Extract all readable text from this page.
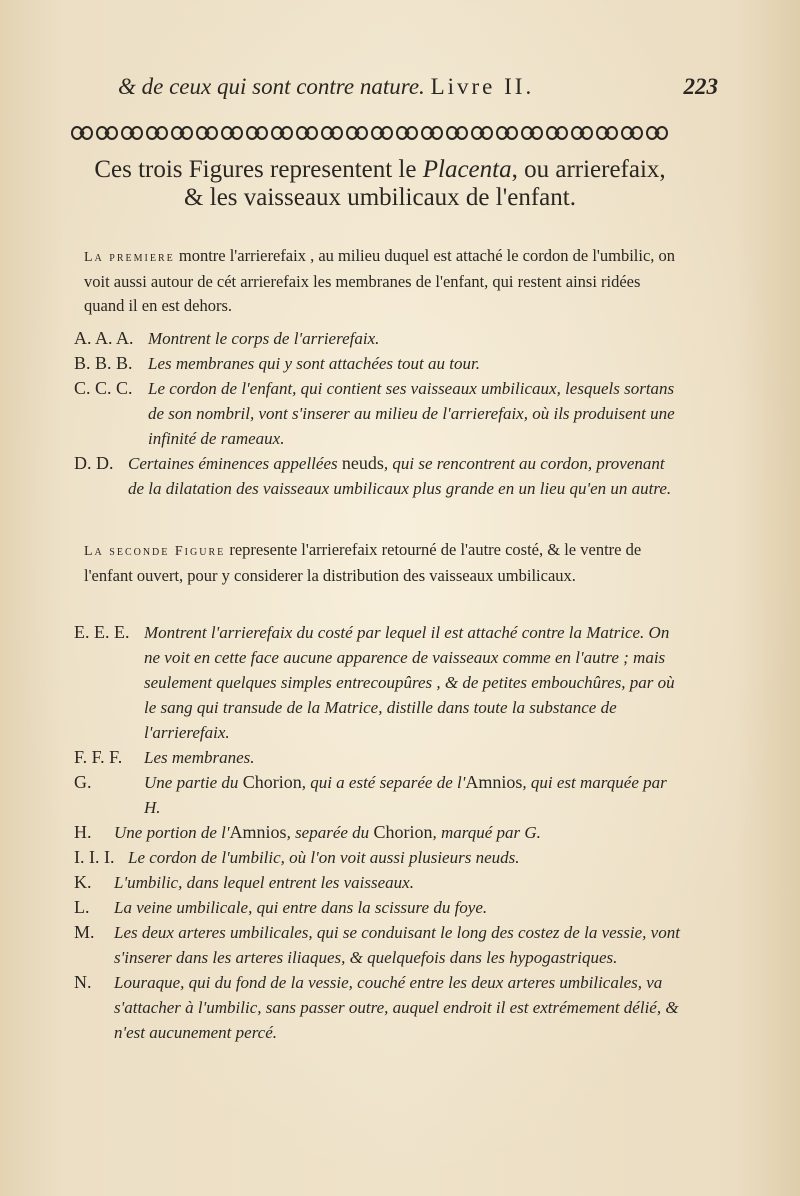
& de ceux qui sont contre nature. Livre II.	223
Ces trois Figures representent le Placenta, ou arrierefaix,
& les vaisseaux umbilicaux de l'enfant.
La premiere montre l'arrierefaix , au milieu duquel est attaché le cordon de l'umbilic, on voit aussi autour de cét arrierefaix les membranes de l'enfant, qui restent ainsi ridées quand il en est dehors.
A. A. A. Montrent le corps de l'arrierefaix.
B. B. B. Les membranes qui y sont attachées tout au tour.
C. C. C. Le cordon de l'enfant, qui contient ses vaisseaux umbilicaux, lesquels sortans de son nombril, vont s'inserer au milieu de l'arrierefaix, où ils produisent une infinité de rameaux.
D. D. Certaines éminences appellées neuds, qui se rencontrent au cordon, provenant de la dilatation des vaisseaux umbilicaux plus grande en un lieu qu'en un autre.
La seconde Figure represente l'arrierefaix retourné de l'autre costé, & le ventre de l'enfant ouvert, pour y considerer la distribution des vaisseaux umbilicaux.
E. E. E. Montrent l'arrierefaix du costé par lequel il est attaché contre la Matrice. On ne voit en cette face aucune apparence de vaisseaux comme en l'autre ; mais seulement quelques simples entrecoupûres , & de petites embouchûres, par où le sang qui transude de la Matrice, distille dans toute la substance de l'arrierefaix.
F. F. F.	Les membranes.
G.	Une partie du Chorion, qui a esté separée de l'Amnios, qui est marquée par H.
H.	Une portion de l'Amnios, separée du Chorion, marqué par G.
I. I. I. Le cordon de l'umbilic, où l'on voit aussi plusieurs neuds.
K.	L'umbilic, dans lequel entrent les vaisseaux.
L.	La veine umbilicale, qui entre dans la scissure du foye.
M.	Les deux arteres umbilicales, qui se conduisant le long des costez de la vessie, vont s'inserer dans les arteres iliaques, & quelquefois dans les hypogastriques.
N.	Louraque, qui du fond de la vessie, couché entre les deux arteres umbilicales, va s'attacher à l'umbilic, sans passer outre, auquel endroit il est extrémement délié, & n'est aucunement percé.
